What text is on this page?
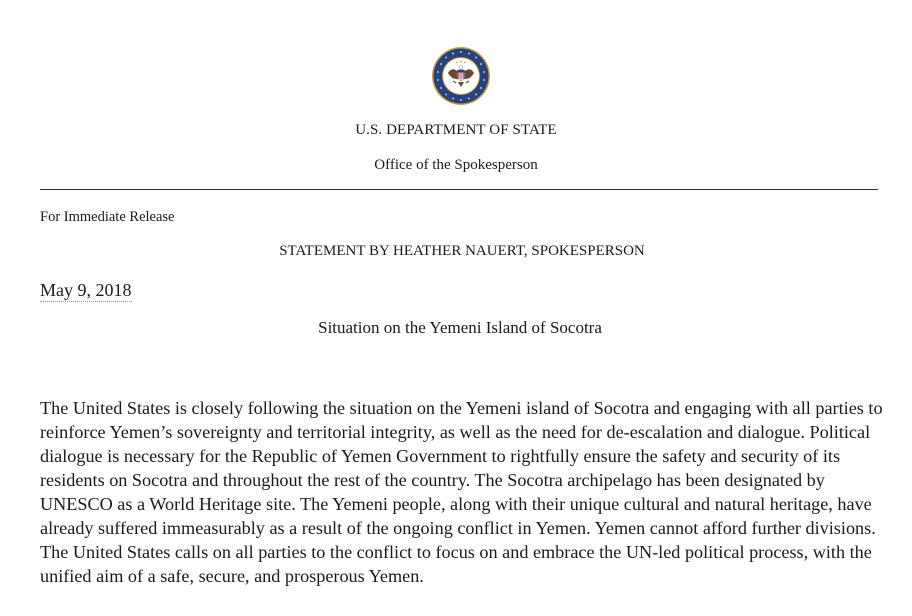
U.S. DEPARTMENT OF STATE
Office of the Spokesperson
For Immediate Release
STATEMENT BY HEATHER NAUERT, SPOKESPERSON
May 9, 2018
Situation on the Yemeni Island of Socotra

The United States is closely following the situation on the Yemeni island of Socotra and engaging with all parties to reinforce Yemen’s sovereignty and territorial integrity, as well as the need for de-escalation and dialogue. Political dialogue is necessary for the Republic of Yemen Government to rightfully ensure the safety and security of its residents on Socotra and throughout the rest of the country. The Socotra archipelago has been designated by UNESCO as a World Heritage site. The Yemeni people, along with their unique cultural and natural heritage, have already suffered immeasurably as a result of the ongoing conflict in Yemen. Yemen cannot afford further divisions. The United States calls on all parties to the conflict to focus on and embrace the UN-led political process, with the unified aim of a safe, secure, and prosperous Yemen.
